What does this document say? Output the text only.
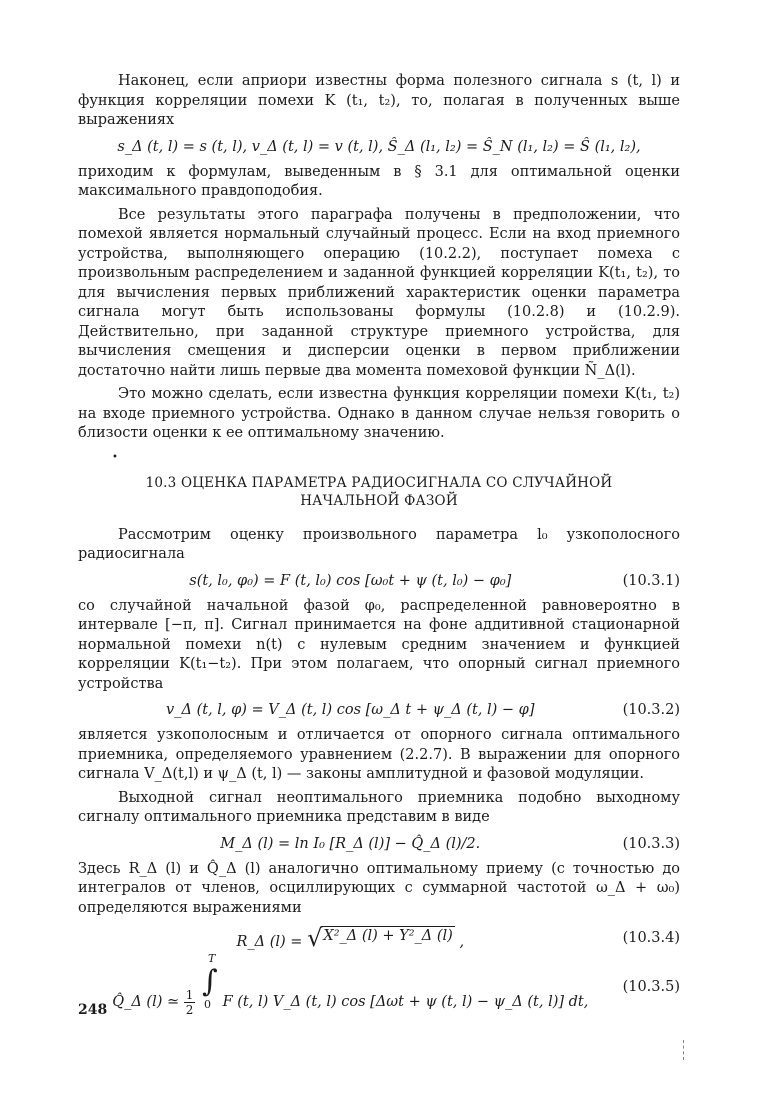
Наконец, если априори известны форма полезного сигнала s (t, l) и функция корреляции помехи K (t₁, t₂), то, полагая в полученных выше выражениях

s_Δ (t, l) = s (t, l), v_Δ (t, l) = v (t, l), Ŝ_Δ (l₁, l₂) = Ŝ_N (l₁, l₂) = Ŝ (l₁, l₂),

приходим к формулам, выведенным в § 3.1 для оптимальной оценки максимального правдоподобия.

Все результаты этого параграфа получены в предположении, что помехой является нормальный случайный процесс. Если на вход приемного устройства, выполняющего операцию (10.2.2), поступает помеха с произвольным распределением и заданной функцией корреляции K(t₁, t₂), то для вычисления первых приближений характеристик оценки параметра сигнала могут быть использованы формулы (10.2.8) и (10.2.9). Действительно, при заданной структуре приемного устройства, для вычисления смещения и дисперсии оценки в первом приближении достаточно найти лишь первые два момента помеховой функции Ñ_Δ(l).

Это можно сделать, если известна функция корреляции помехи K(t₁, t₂) на входе приемного устройства. Однако в данном случае нельзя говорить о близости оценки к ее оптимальному значению.

10.3 ОЦЕНКА ПАРАМЕТРА РАДИОСИГНАЛА СО СЛУЧАЙНОЙ
НАЧАЛЬНОЙ ФАЗОЙ

Рассмотрим оценку произвольного параметра l₀ узкополосного радиосигнала

s(t, l₀, φ₀) = F (t, l₀) cos [ω₀t + ψ (t, l₀) − φ₀]	(10.3.1)

со случайной начальной фазой φ₀, распределенной равновероятно в интервале [−π, π]. Сигнал принимается на фоне аддитивной стационарной нормальной помехи n(t) с нулевым средним значением и функцией корреляции K(t₁−t₂). При этом полагаем, что опорный сигнал приемного устройства

v_Δ (t, l, φ) = V_Δ (t, l) cos [ω_Δ t + ψ_Δ (t, l) − φ]	(10.3.2)

является узкополосным и отличается от опорного сигнала оптимального приемника, определяемого уравнением (2.2.7). В выражении для опорного сигнала V_Δ(t,l) и ψ_Δ (t, l) — законы амплитудной и фазовой модуляции.

Выходной сигнал неоптимального приемника подобно выходному сигналу оптимального приемника представим в виде

M_Δ (l) = ln I₀ [R_Δ (l)] − Q̂_Δ (l)/2.	(10.3.3)

Здесь R_Δ (l) и Q̂_Δ (l) аналогично оптимальному приему (с точностью до интегралов от членов, осциллирующих с суммарной частотой ω_Δ + ω₀) определяются выражениями

R_Δ (l) = √ X²_Δ (l) + Y²_Δ (l) ,	(10.3.4)
Q̂_Δ (l) ≃ $\frac{1}{2}$

T
∫
0 F (t, l) V_Δ (t, l) cos [Δωt + ψ (t, l) − ψ_Δ (t, l)] dt,
(10.3.5)
248
•
